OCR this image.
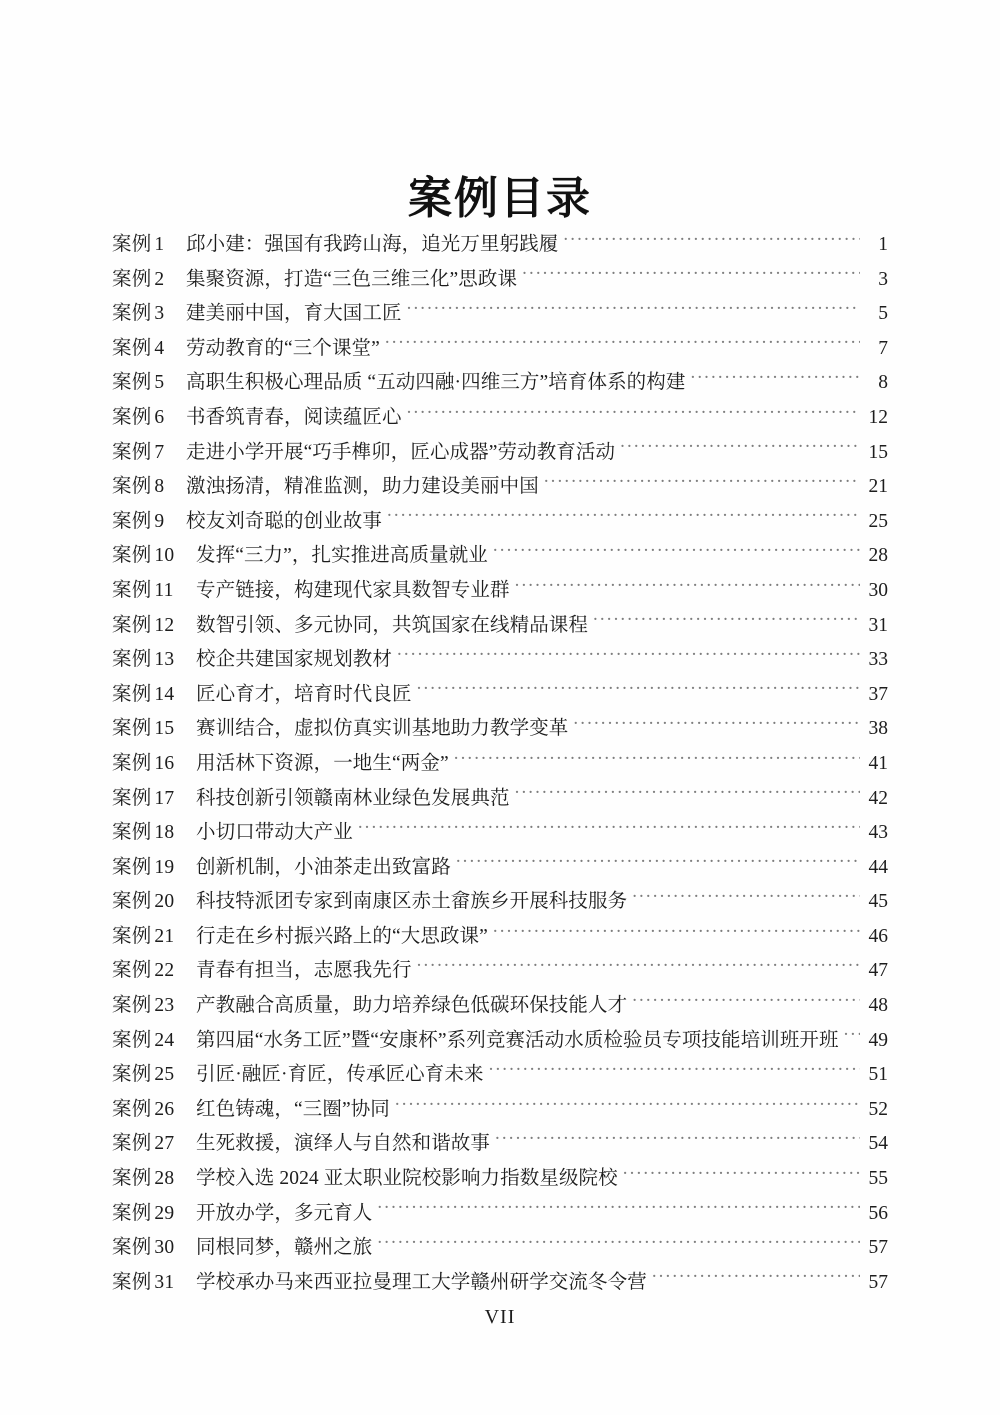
案例目录
案例 1	邱小建：强国有我跨山海，追光万里躬践履 .....	1
案例 2	集聚资源，打造“三色三维三化”思政课 .....	3
案例 3	建美丽中国，育大国工匠 .....	5
案例 4	劳动教育的“三个课堂” .....	7
案例 5	高职生积极心理品质 “五动四融·四维三方”培育体系的构建 .....	8
案例 6	书香筑青春，阅读蕴匠心 .....	12
案例 7	走进小学开展“巧手榫卯，匠心成器”劳动教育活动 .....	15
案例 8	激浊扬清，精准监测，助力建设美丽中国 .....	21
案例 9	校友刘奇聪的创业故事 .....	25
案例 10	发挥“三力”，扎实推进高质量就业 .....	28
案例 11	专产链接，构建现代家具数智专业群 .....	30
案例 12	数智引领、多元协同，共筑国家在线精品课程 .....	31
案例 13	校企共建国家规划教材 .....	33
案例 14	匠心育才，培育时代良匠 .....	37
案例 15	赛训结合，虚拟仿真实训基地助力教学变革 .....	38
案例 16	用活林下资源，一地生“两金” .....	41
案例 17	科技创新引领赣南林业绿色发展典范 .....	42
案例 18	小切口带动大产业 .....	43
案例 19	创新机制，小油茶走出致富路 .....	44
案例 20	科技特派团专家到南康区赤土畲族乡开展科技服务 .....	45
案例 21	行走在乡村振兴路上的“大思政课” .....	46
案例 22	青春有担当，志愿我先行 .....	47
案例 23	产教融合高质量，助力培养绿色低碳环保技能人才 .....	48
案例 24	第四届“水务工匠”暨“安康杯”系列竞赛活动水质检验员专项技能培训班开班 .....	49
案例 25	引匠·融匠·育匠，传承匠心育未来 .....	51
案例 26	红色铸魂，“三圈”协同 .....	52
案例 27	生死救援，演绎人与自然和谐故事 .....	54
案例 28	学校入选 2024 亚太职业院校影响力指数星级院校 .....	55
案例 29	开放办学，多元育人 .....	56
案例 30	同根同梦，赣州之旅 .....	57
案例 31	学校承办马来西亚拉曼理工大学赣州研学交流冬令营 .....	57
VII
